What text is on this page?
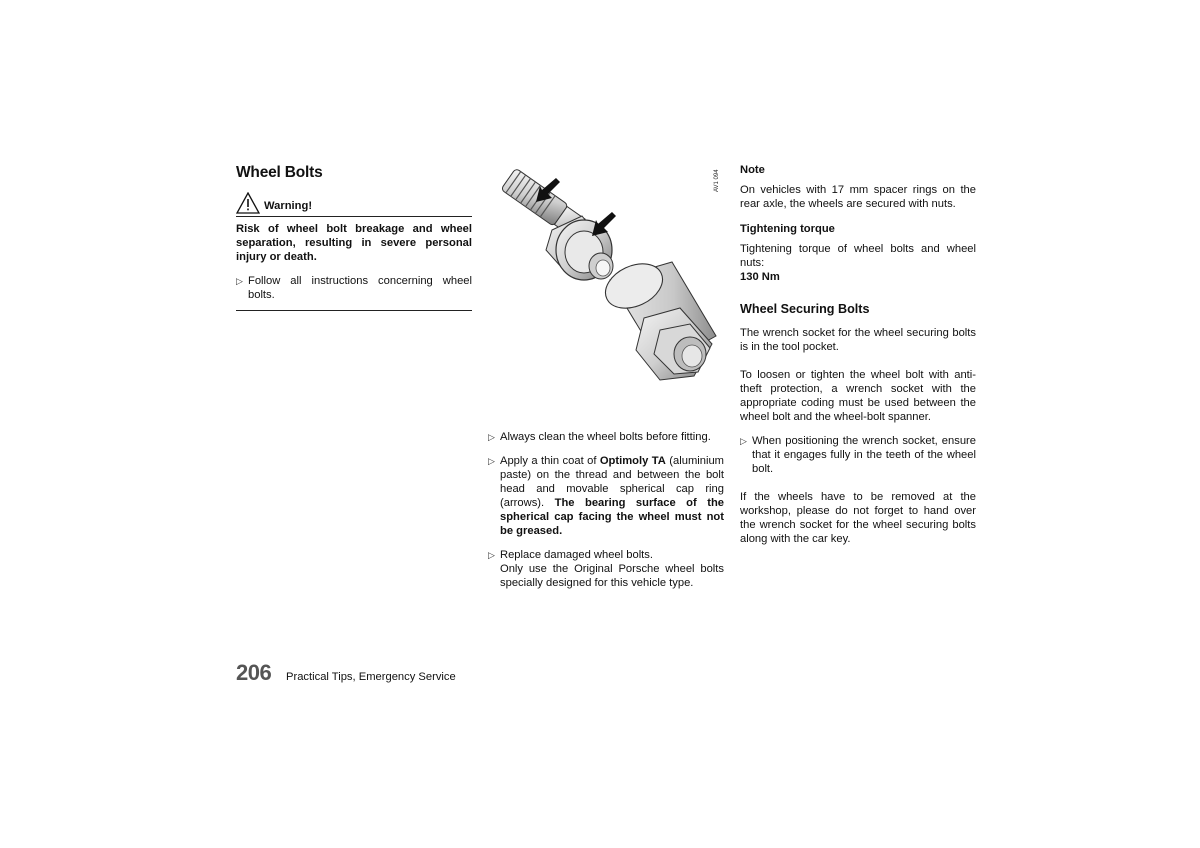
Wheel Bolts
Warning!
Risk of wheel bolt breakage and wheel separation, resulting in severe personal injury or death.
▷ Follow all instructions concerning wheel bolts.
AV1 094
▷ Always clean the wheel bolts before fitting.
▷ Apply a thin coat of Optimoly TA (aluminium paste) on the thread and between the bolt head and movable spherical cap ring (arrows). The bearing surface of the spherical cap facing the wheel must not be greased.
▷ Replace damaged wheel bolts.
Only use the Original Porsche wheel bolts specially designed for this vehicle type.
Note
On vehicles with 17 mm spacer rings on the rear axle, the wheels are secured with nuts.
Tightening torque
Tightening torque of wheel bolts and wheel nuts:
130 Nm
Wheel Securing Bolts
The wrench socket for the wheel securing bolts is in the tool pocket.
To loosen or tighten the wheel bolt with anti-theft protection, a wrench socket with the appropriate coding must be used between the wheel bolt and the wheel-bolt spanner.
▷ When positioning the wrench socket, ensure that it engages fully in the teeth of the wheel bolt.
If the wheels have to be removed at the workshop, please do not forget to hand over the wrench socket for the wheel securing bolts along with the car key.
206 Practical Tips, Emergency Service
